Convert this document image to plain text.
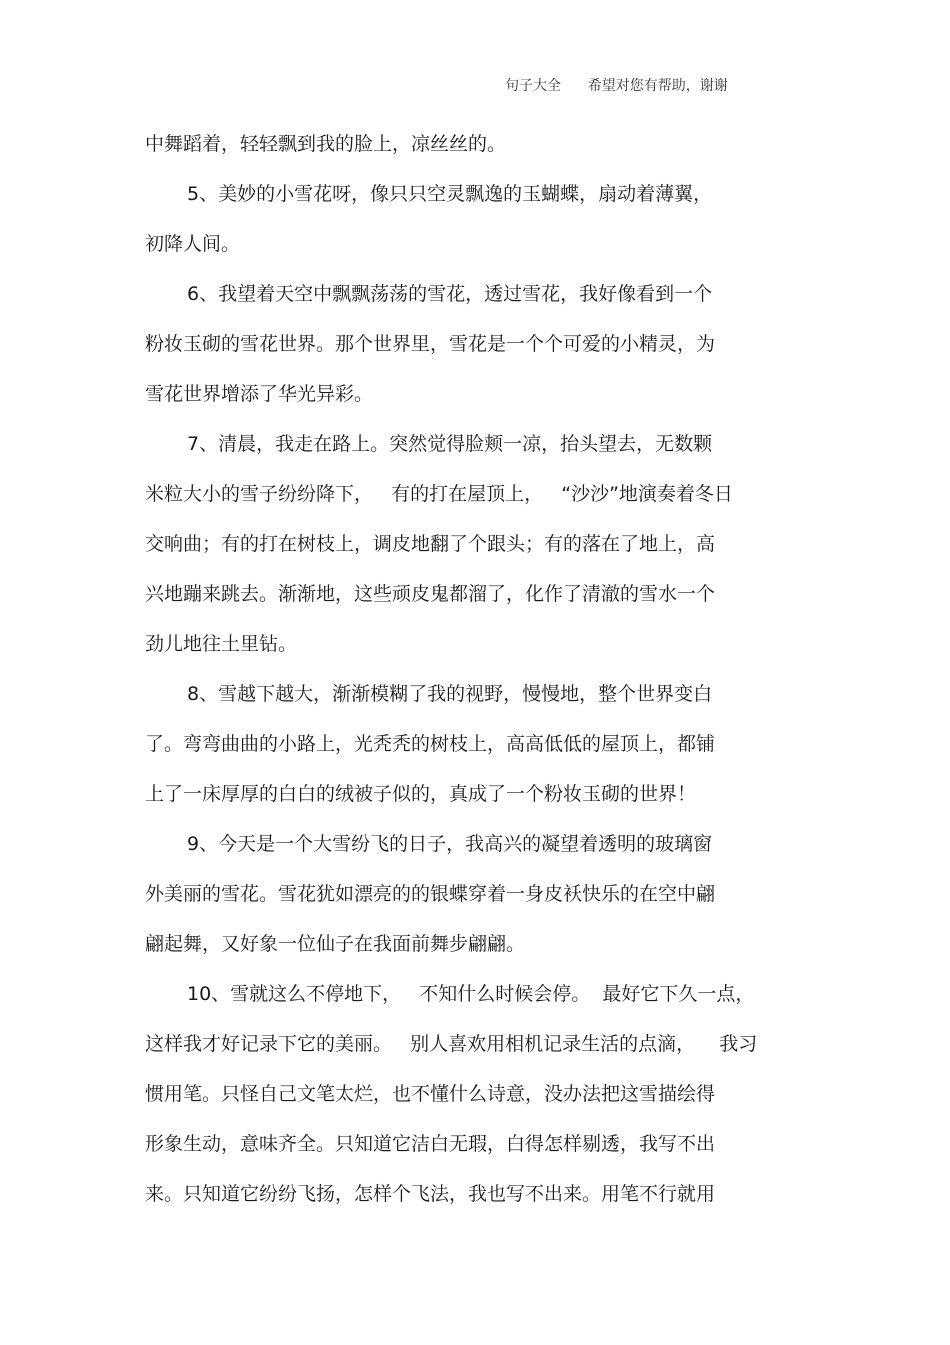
句子大全      希望对您有帮助，谢谢
中舞蹈着，轻轻飘到我的脸上，凉丝丝的。
5、美妙的小雪花呀，像只只空灵飘逸的玉蝴蝶，扇动着薄翼，
初降人间。
6、我望着天空中飘飘荡荡的雪花，透过雪花，我好像看到一个
粉妆玉砌的雪花世界。那个世界里，雪花是一个个可爱的小精灵，为
雪花世界增添了华光异彩。
7、清晨，我走在路上。突然觉得脸颊一凉，抬头望去，无数颗
米粒大小的雪子纷纷降下，   有的打在屋顶上，   “沙沙”地演奏着冬日
交响曲；有的打在树枝上，调皮地翻了个跟头；有的落在了地上，高
兴地蹦来跳去。渐渐地，这些顽皮鬼都溜了，化作了清澈的雪水一个
劲儿地往土里钻。
8、雪越下越大，渐渐模糊了我的视野，慢慢地，整个世界变白
了。弯弯曲曲的小路上，光秃秃的树枝上，高高低低的屋顶上，都铺
上了一床厚厚的白白的绒被子似的，真成了一个粉妆玉砌的世界！
9、今天是一个大雪纷飞的日子，我高兴的凝望着透明的玻璃窗
外美丽的雪花。雪花犹如漂亮的的银蝶穿着一身皮袄快乐的在空中翩
翩起舞，又好象一位仙子在我面前舞步翩翩。
10、雪就这么不停地下，   不知什么时候会停。  最好它下久一点，
这样我才好记录下它的美丽。   别人喜欢用相机记录生活的点滴，    我习
惯用笔。只怪自己文笔太烂，也不懂什么诗意，没办法把这雪描绘得
形象生动，意味齐全。只知道它洁白无瑕，白得怎样剔透，我写不出
来。只知道它纷纷飞扬，怎样个飞法，我也写不出来。用笔不行就用
